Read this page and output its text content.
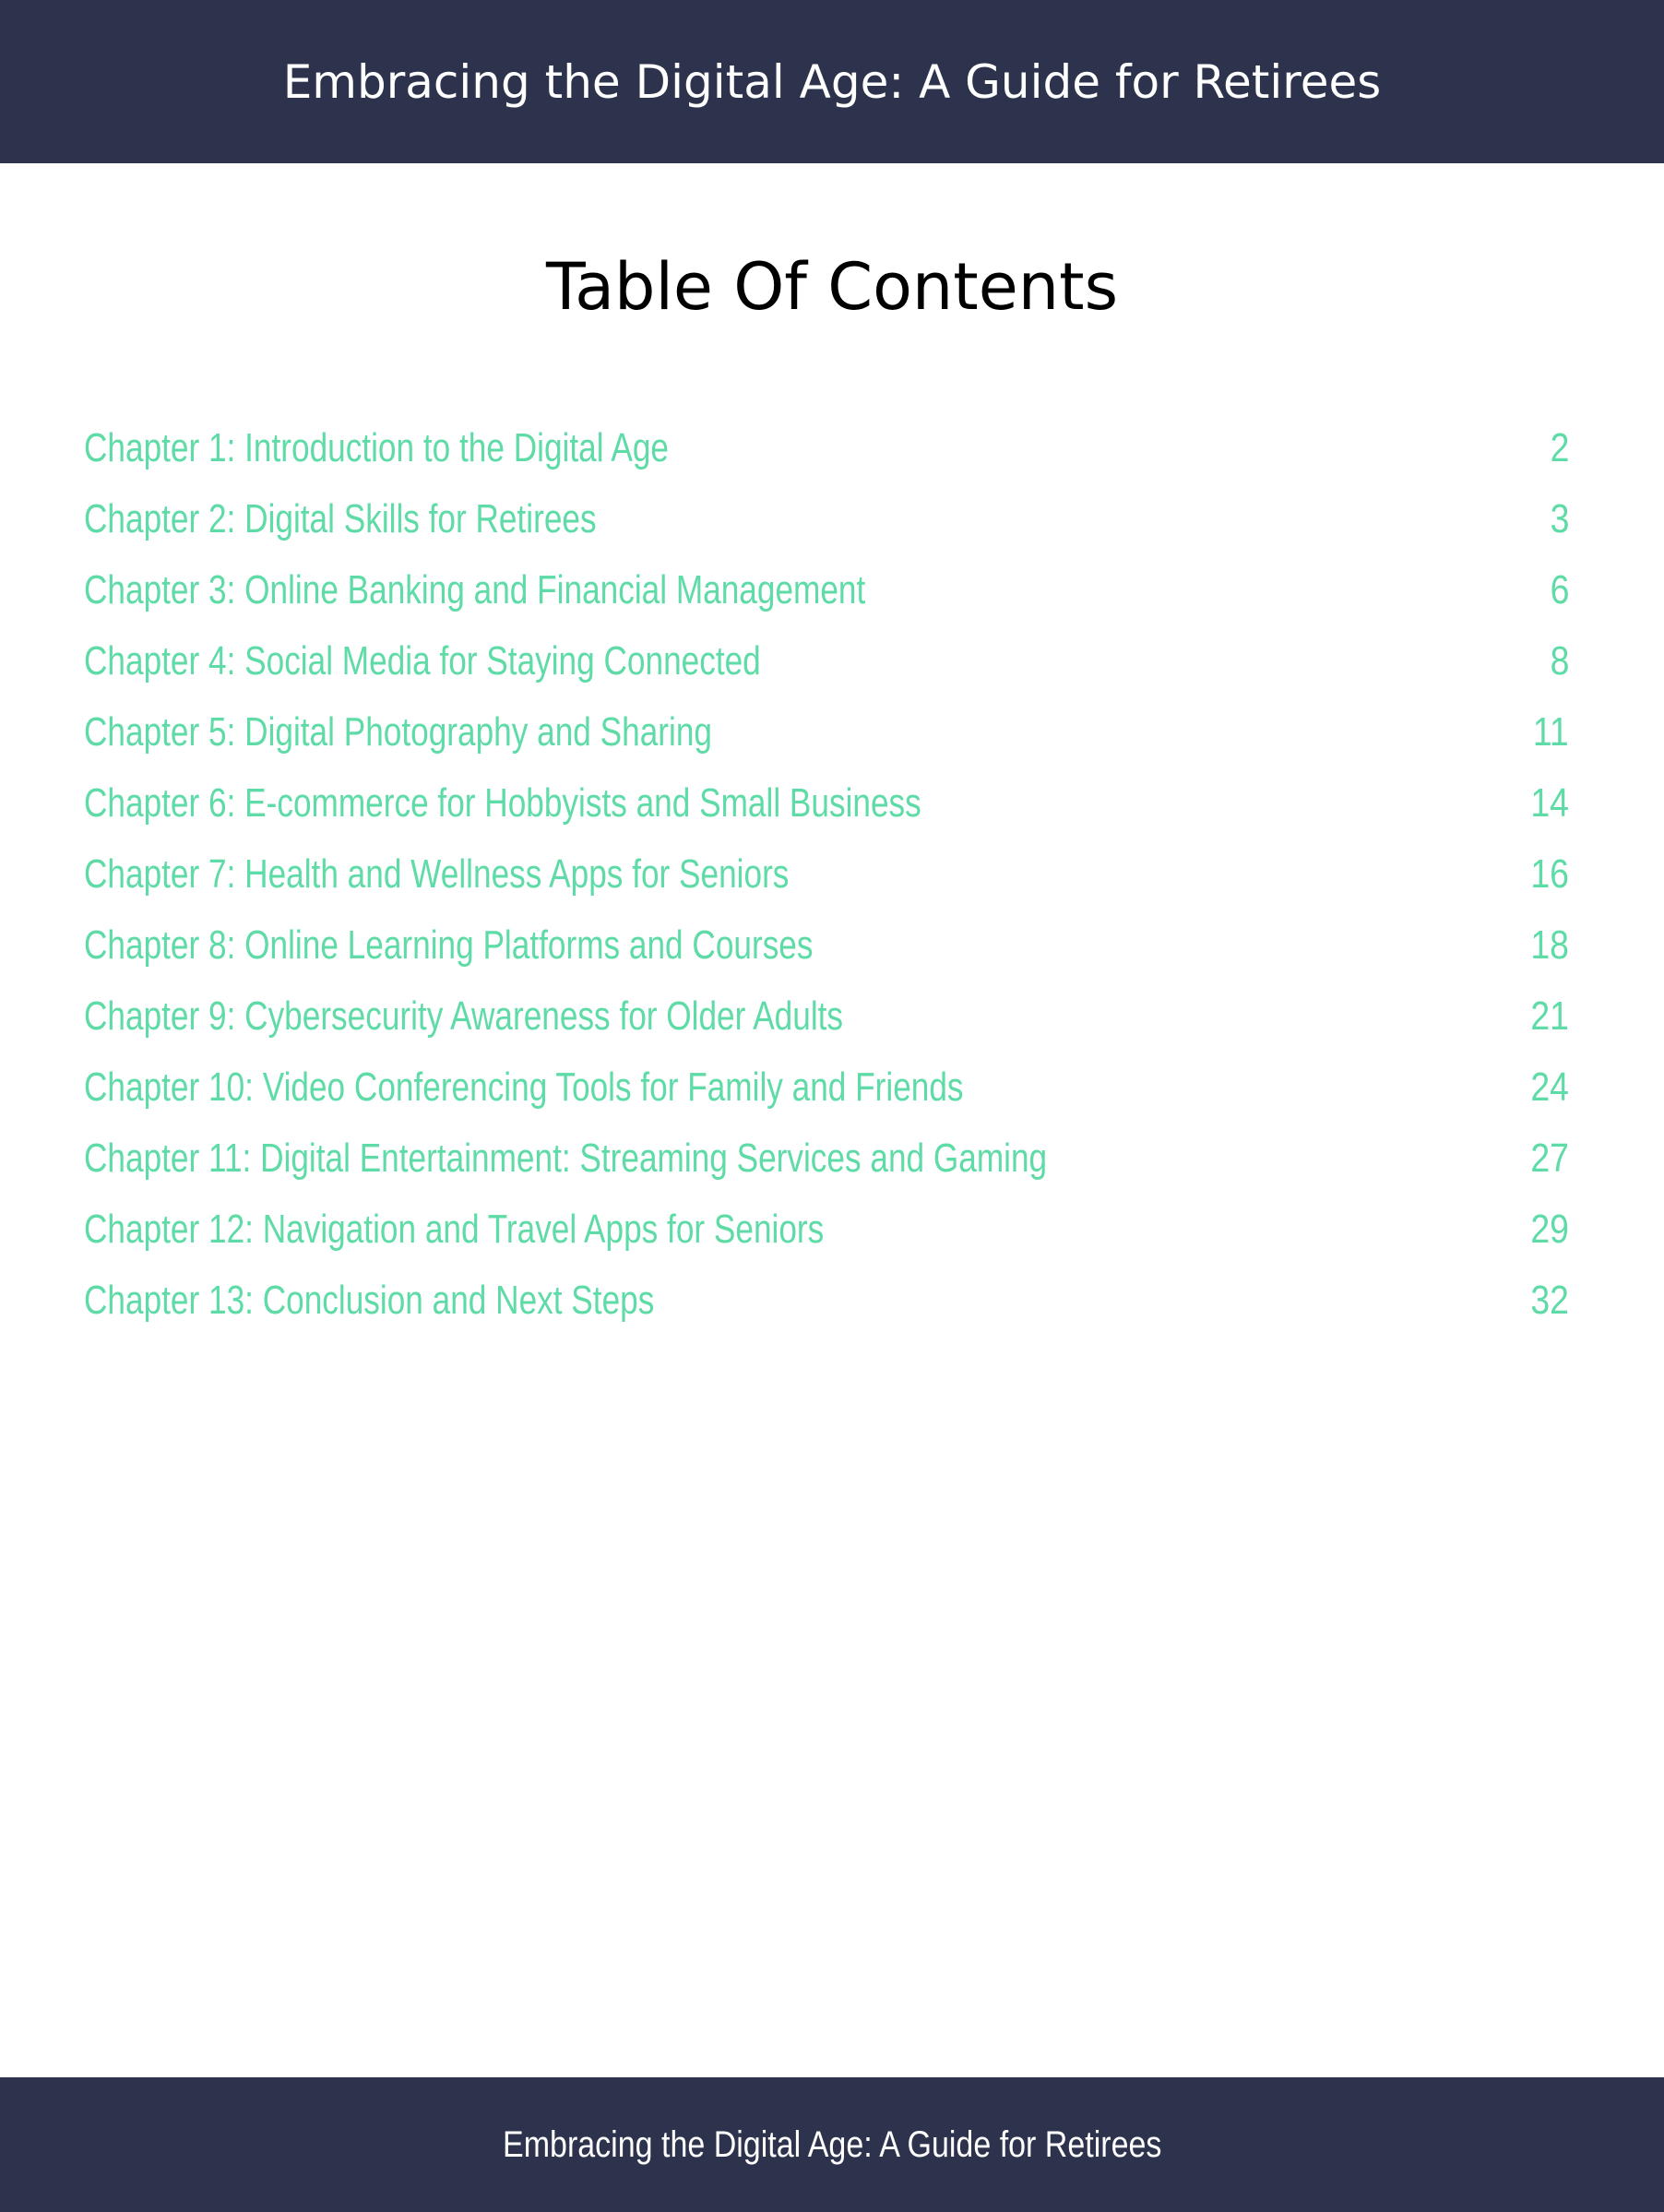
Embracing the Digital Age: A Guide for Retirees
Table Of Contents
Chapter 1: Introduction to the Digital Age	2
Chapter 2: Digital Skills for Retirees	3
Chapter 3: Online Banking and Financial Management	6
Chapter 4: Social Media for Staying Connected	8
Chapter 5: Digital Photography and Sharing	11
Chapter 6: E-commerce for Hobbyists and Small Business	14
Chapter 7: Health and Wellness Apps for Seniors	16
Chapter 8: Online Learning Platforms and Courses	18
Chapter 9: Cybersecurity Awareness for Older Adults	21
Chapter 10: Video Conferencing Tools for Family and Friends	24
Chapter 11: Digital Entertainment: Streaming Services and Gaming	27
Chapter 12: Navigation and Travel Apps for Seniors	29
Chapter 13: Conclusion and Next Steps	32
Embracing the Digital Age: A Guide for Retirees
